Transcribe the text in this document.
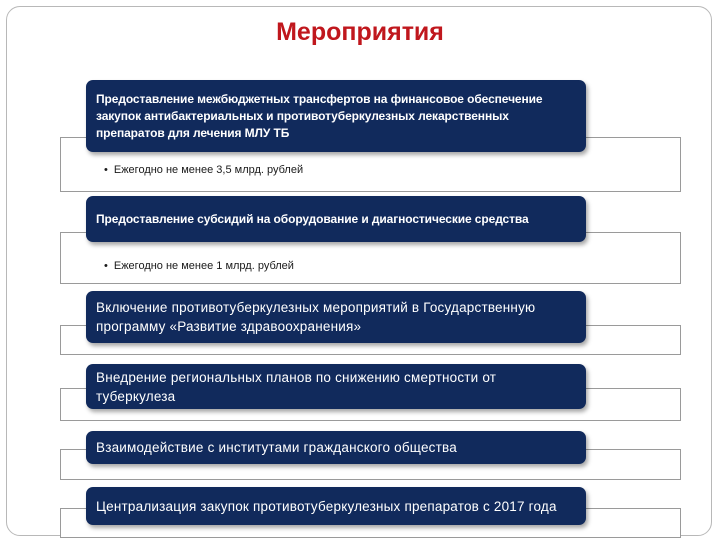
Мероприятия
Предоставление межбюджетных трансфертов на финансовое обеспечение закупок антибактериальных и противотуберкулезных лекарственных препаратов для лечения МЛУ ТБ
• Ежегодно не менее 3,5 млрд. рублей
Предоставление субсидий на оборудование и диагностические средства
• Ежегодно не менее 1 млрд. рублей
Включение противотуберкулезных мероприятий в Государственную программу «Развитие здравоохранения»
Внедрение региональных планов по снижению смертности от туберкулеза
Взаимодействие с институтами гражданского общества
Централизация закупок противотуберкулезных препаратов с 2017 года
